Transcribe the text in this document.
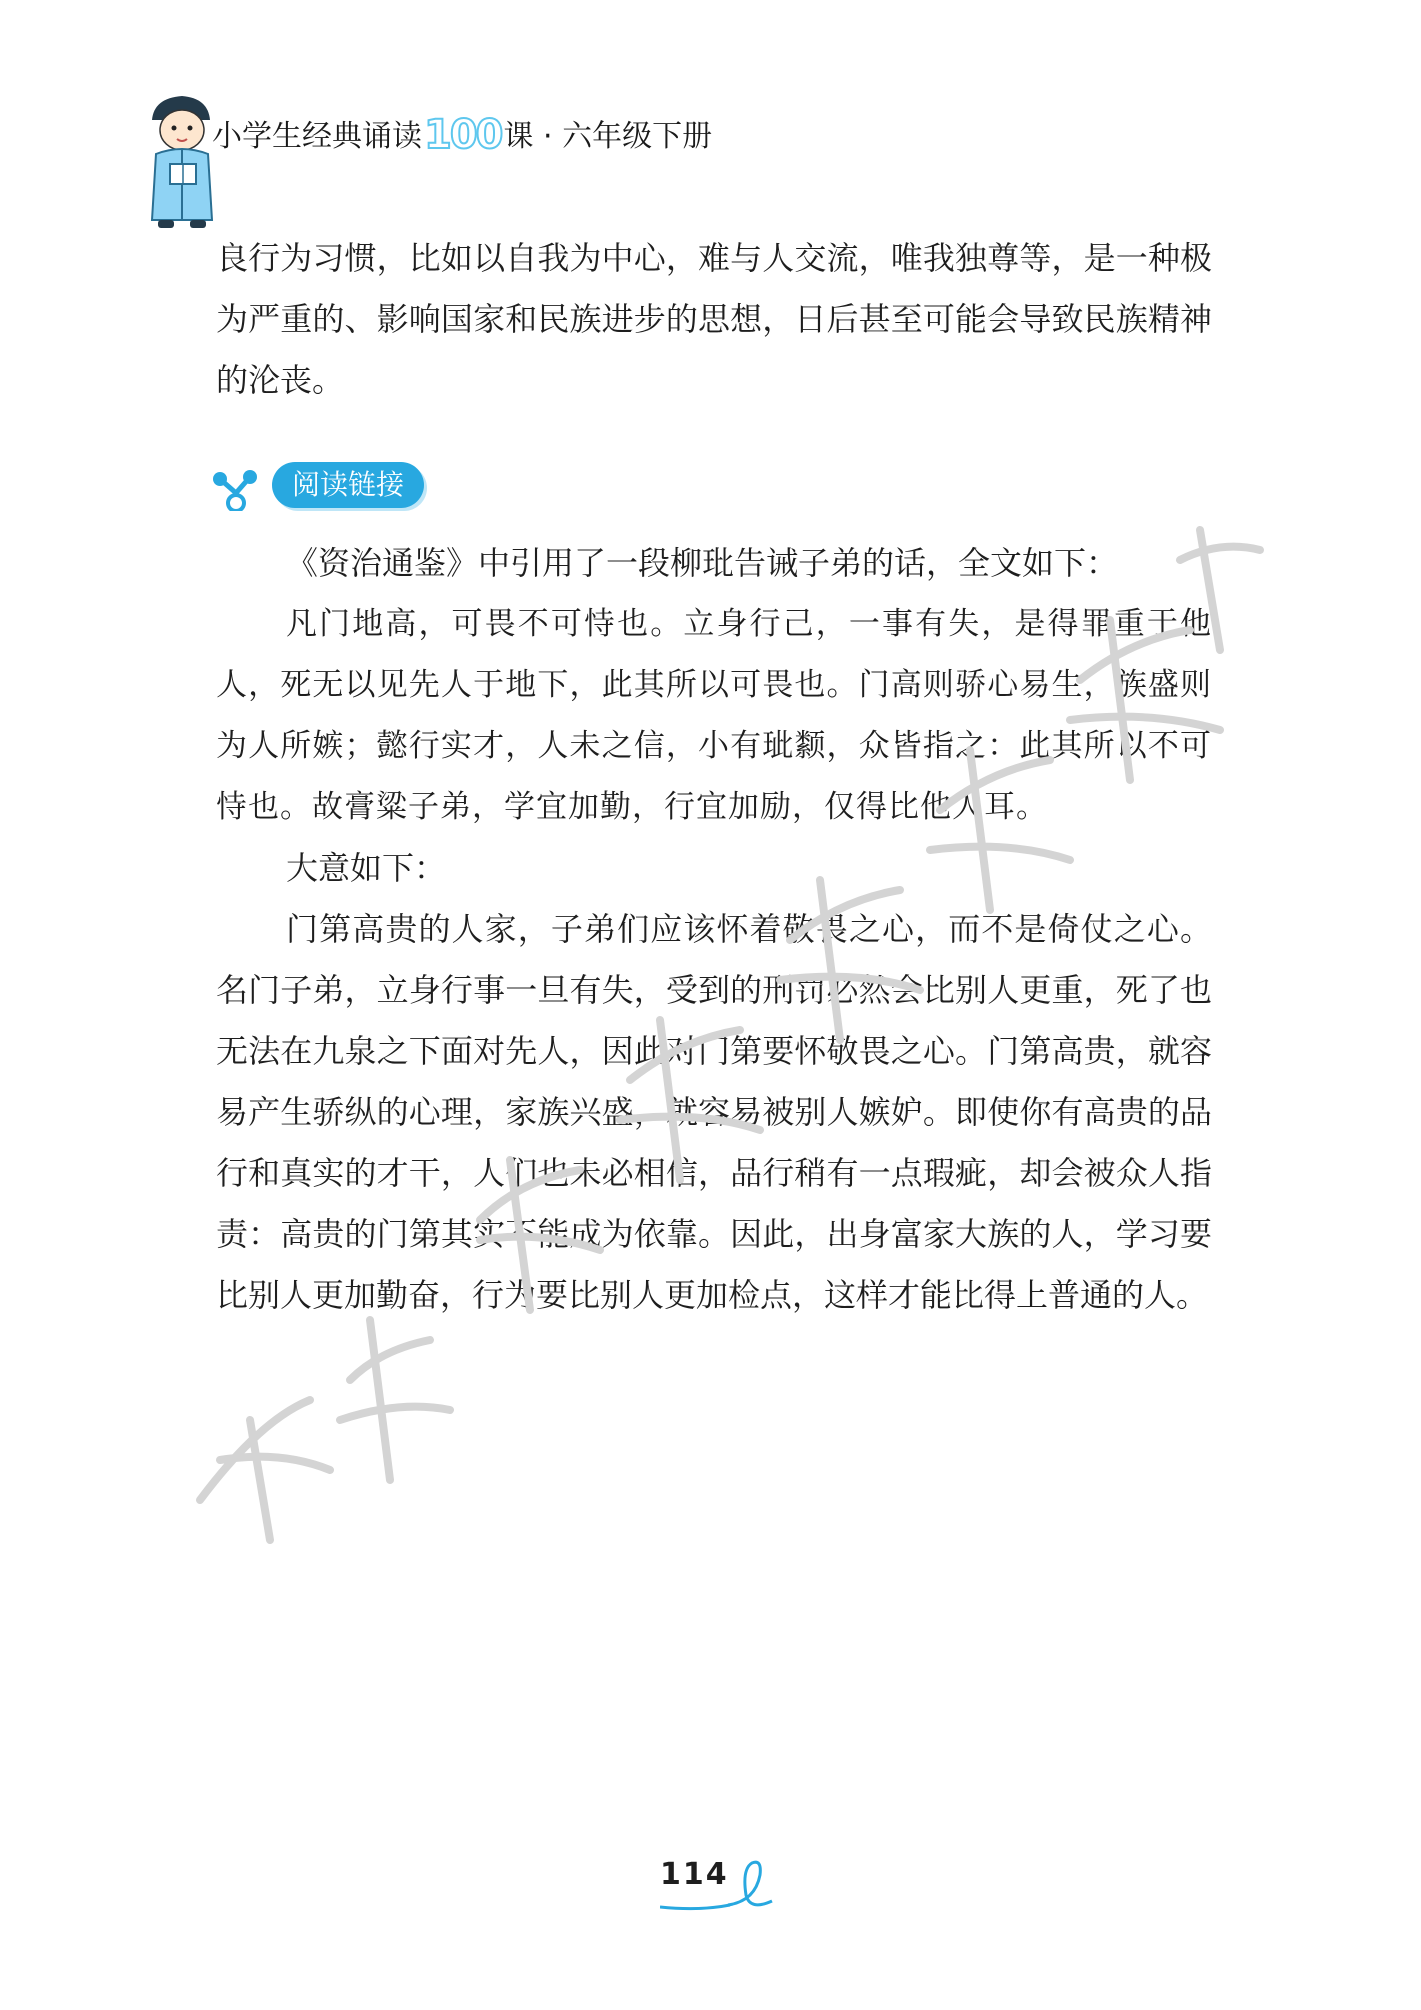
小学生经典诵读100课 · 六年级下册

良行为习惯，比如以自我为中心，难与人交流，唯我独尊等，是一种极为严重的、影响国家和民族进步的思想，日后甚至可能会导致民族精神的沦丧。

阅读链接

《资治通鉴》中引用了一段柳玭告诫子弟的话，全文如下：

凡门地高，可畏不可恃也。立身行己，一事有失，是得罪重于他人，死无以见先人于地下，此其所以可畏也。门高则骄心易生，族盛则为人所嫉；懿行实才，人未之信，小有玼颣，众皆指之：此其所以不可恃也。故膏粱子弟，学宜加勤，行宜加励，仅得比他人耳。

大意如下：

门第高贵的人家，子弟们应该怀着敬畏之心，而不是倚仗之心。名门子弟，立身行事一旦有失，受到的刑罚必然会比别人更重，死了也无法在九泉之下面对先人，因此对门第要怀敬畏之心。门第高贵，就容易产生骄纵的心理，家族兴盛，就容易被别人嫉妒。即使你有高贵的品行和真实的才干，人们也未必相信，品行稍有一点瑕疵，却会被众人指责：高贵的门第其实不能成为依靠。因此，出身富家大族的人，学习要比别人更加勤奋，行为要比别人更加检点，这样才能比得上普通的人。

114
